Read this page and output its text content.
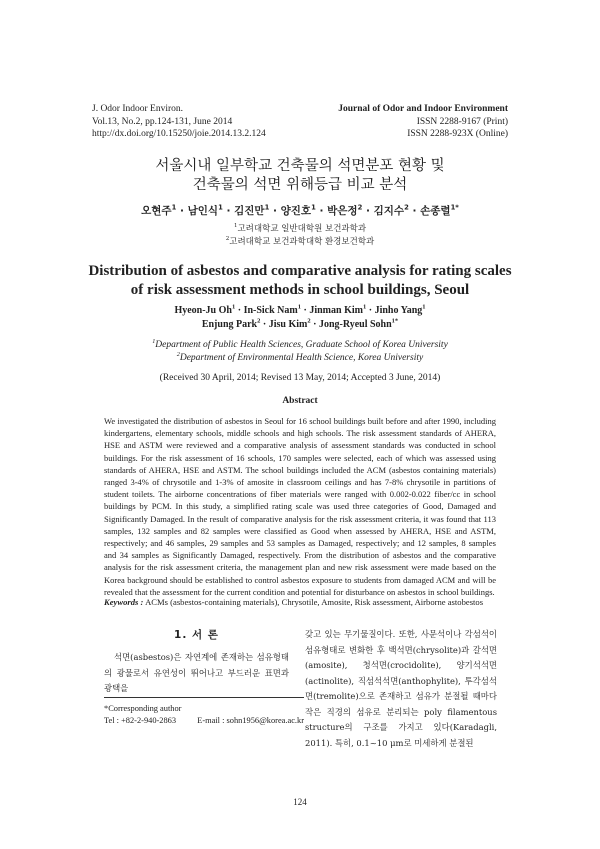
J. Odor Indoor Environ.
Vol.13, No.2, pp.124-131, June 2014
http://dx.doi.org/10.15250/joie.2014.13.2.124
Journal of Odor and Indoor Environment
ISSN 2288-9167 (Print)
ISSN 2288-923X (Online)
서울시내 일부학교 건축물의 석면분포 현황 및
건축물의 석면 위해등급 비교 분석
오현주$^1$ · 남인식$^1$ · 김진만$^1$ · 양진호$^1$ · 박은정$^2$ · 김지수$^2$ · 손종렬$^{1*}$
$^1$고려대학교 일반대학원 보건과학과
$^2$고려대학교 보건과학대학 환경보건학과
Distribution of asbestos and comparative analysis for rating scales
of risk assessment methods in school buildings, Seoul
Hyeon-Ju $Oh^1$ · In-Sick Nam$^1$ · Jinman Kim$^1$ · Jinho Yang$^1$
Enjung Park$^2$ · Jisu Kim$^2$ · Jong-Ryeul Sohn$^{1*}$
$^1$Department of Public Health Sciences, Graduate School of Korea University
$^2$Department of Environmental Health Science, Korea University
(Received 30 April, 2014; Revised 13 May, 2014; Accepted 3 June, 2014)
Abstract

We investigated the distribution of asbestos in Seoul for 16 school buildings built before and after 1990, including kindergartens, elementary schools, middle schools and high schools. The risk assessment standards of AHERA, HSE and ASTM were reviewed and a comparative analysis of assessment standards was conducted in school buildings. For the risk assessment of 16 schools, 170 samples were selected, each of which was assessed using standards of AHERA, HSE and ASTM. The school buildings included the ACM (asbestos containing materials) ranged 3-4% of chrysotile and 1-3% of amosite in classroom ceilings and has 7-8% chrysotile in partitions of student toilets. The airborne concentrations of fiber materials were ranged with 0.002-0.022 fiber/cc in school buildings by PCM. In this study, a simplified rating scale was used three categories of Good, Damaged and Significantly Damaged. In the result of comparative analysis for the risk assessment criteria, it was found that 113 samples, 132 samples and 82 samples were classified as Good when assessed by AHERA, HSE and ASTM, respectively; and 46 samples, 29 samples and 53 samples as Damaged, respectively; and 12 samples, 8 samples and 34 samples as Significantly Damaged, respectively. From the distribution of asbestos and the comparative analysis for the risk assessment criteria, the management plan and new risk assessment were made based on the Korea background should be established to control asbestos exposure to students from damaged ACM and will be revealed that the assessment for the current condition and potential for disturbance on asbestos in school buildings.

Keywords : ACMs (asbestos-containing materials), Chrysotile, Amosite, Risk assessment, Airborne astobestos
1. 서 론

석면(asbestos)은 자연계에 존재하는 섬유형태의 광물로서 유연성이 뛰어나고 부드러운 표면과 광택을

갖고 있는 무기물질이다. 또한, 사문석이나 각섬석이 섬유형태로 변화한 후 백석면(chrysolite)과 갈석면(amosite), 청석면(crocidolite), 양기석석면(actinolite), 직섬석석면(anthophylite), 투각섬석면(tremolite)으로 존재하고 섬유가 분절될 때마다 작은 직경의 섬유로 분리되는 poly filamentous structure의 구조를 가지고 있다(Karadagli, 2011). 특히, 0.1~10 μm로 미세하게 분절된

*Corresponding author
Tel : +82-2-940-2863	E-mail : sohn1956@korea.ac.kr
124
